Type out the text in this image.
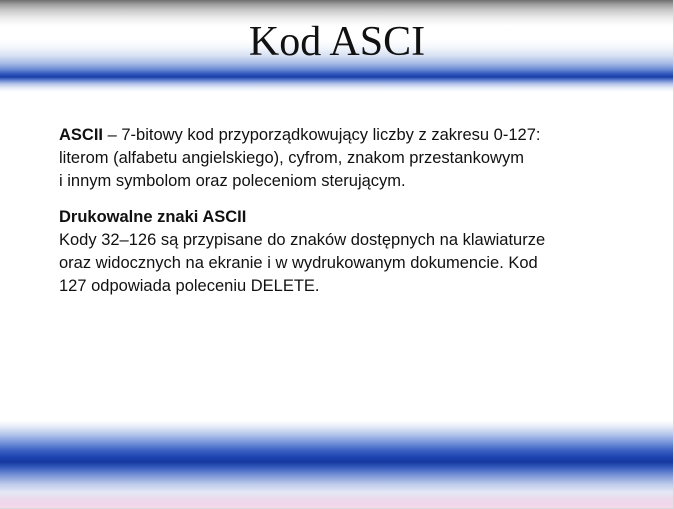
Kod ASCI

ASCII – 7-bitowy kod przyporządkowujący liczby z zakresu 0-127:
literom (alfabetu angielskiego), cyfrom, znakom przestankowym
i innym symbolom oraz poleceniom sterującym.

Drukowalne znaki ASCII
Kody 32–126 są przypisane do znaków dostępnych na klawiaturze
oraz widocznych na ekranie i w wydrukowanym dokumencie. Kod
127 odpowiada poleceniu DELETE.
